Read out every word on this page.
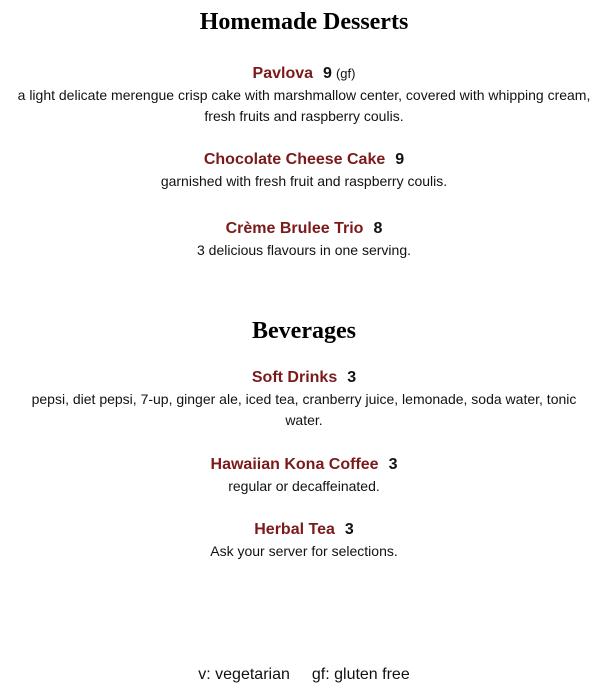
Homemade Desserts
Pavlova 9 (gf)

a light delicate merengue crisp cake with marshmallow center, covered with whipping cream, fresh fruits and raspberry coulis.

Chocolate Cheese Cake 9

garnished with fresh fruit and raspberry coulis.

Crème Brulee Trio 8

3 delicious flavours in one serving.

Beverages
Soft Drinks 3

pepsi, diet pepsi, 7-up, ginger ale, iced tea, cranberry juice, lemonade, soda water, tonic water.

Hawaiian Kona Coffee 3

regular or decaffeinated.

Herbal Tea 3

Ask your server for selections.

v: vegetarian gf: gluten free
